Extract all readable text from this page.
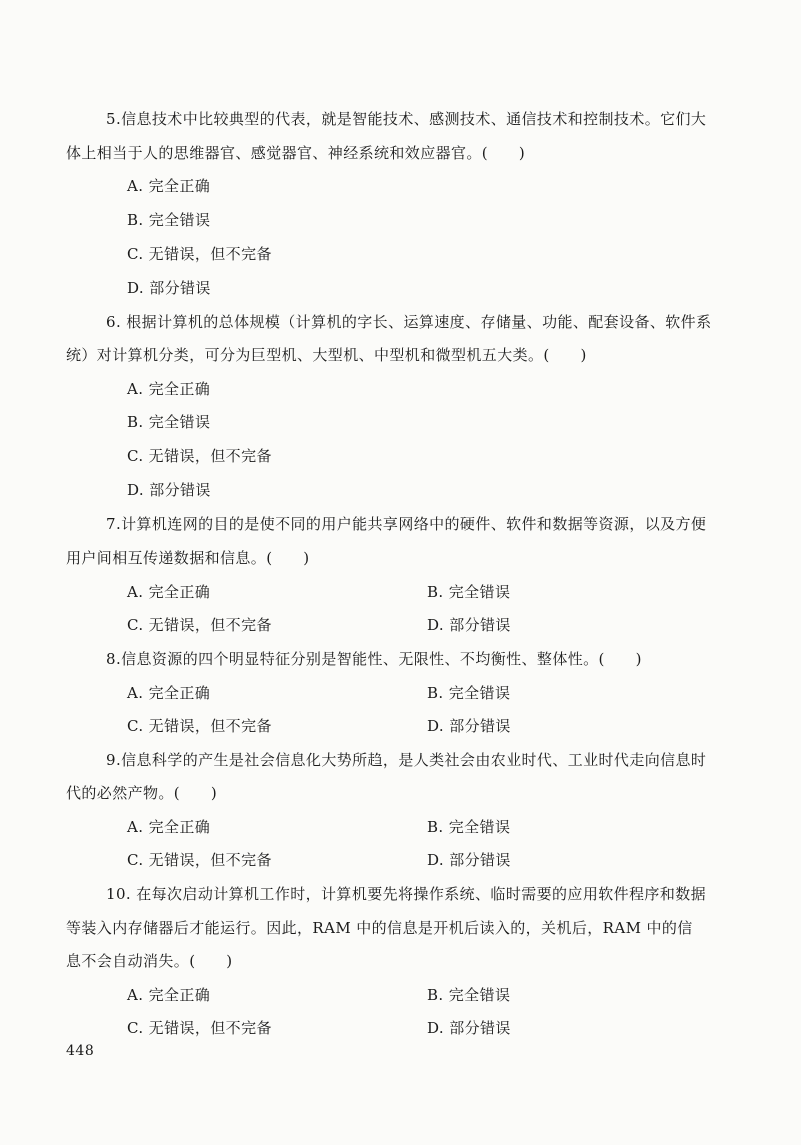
5.信息技术中比较典型的代表，就是智能技术、感测技术、通信技术和控制技术。它们大
体上相当于人的思维器官、感觉器官、神经系统和效应器官。(　　)
A. 完全正确
B. 完全错误
C. 无错误，但不完备
D. 部分错误
6. 根据计算机的总体规模（计算机的字长、运算速度、存储量、功能、配套设备、软件系
统）对计算机分类，可分为巨型机、大型机、中型机和微型机五大类。(　　)
A. 完全正确
B. 完全错误
C. 无错误，但不完备
D. 部分错误
7.计算机连网的目的是使不同的用户能共享网络中的硬件、软件和数据等资源，以及方便
用户间相互传递数据和信息。(　　)
A. 完全正确	B. 完全错误
C. 无错误，但不完备	D. 部分错误
8.信息资源的四个明显特征分别是智能性、无限性、不均衡性、整体性。(　　)
A. 完全正确	B. 完全错误
C. 无错误，但不完备	D. 部分错误
9.信息科学的产生是社会信息化大势所趋，是人类社会由农业时代、工业时代走向信息时
代的必然产物。(　　)
A. 完全正确	B. 完全错误
C. 无错误，但不完备	D. 部分错误
10. 在每次启动计算机工作时，计算机要先将操作系统、临时需要的应用软件程序和数据
等装入内存储器后才能运行。因此，RAM 中的信息是开机后读入的，关机后，RAM 中的信
息不会自动消失。(　　)
A. 完全正确	B. 完全错误
C. 无错误，但不完备	D. 部分错误
448
